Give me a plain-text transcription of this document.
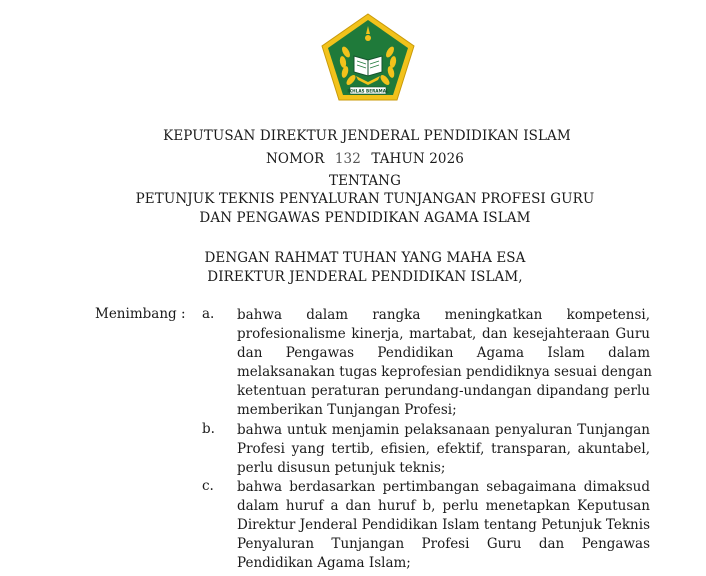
IKHLAS BERAMAL
KEPUTUSAN DIREKTUR JENDERAL PENDIDIKAN ISLAM
NOMOR 132 TAHUN 2026
TENTANG
PETUNJUK TEKNIS PENYALURAN TUNJANGAN PROFESI GURU
DAN PENGAWAS PENDIDIKAN AGAMA ISLAM
DENGAN RAHMAT TUHAN YANG MAHA ESA
DIREKTUR JENDERAL PENDIDIKAN ISLAM,
Menimbang : a. bahwa dalam rangka meningkatkan kompetensi,
profesionalisme kinerja, martabat, dan kesejahteraan Guru
dan Pengawas Pendidikan Agama Islam dalam
melaksanakan tugas keprofesian pendidiknya sesuai dengan
ketentuan peraturan perundang-undangan dipandang perlu
memberikan Tunjangan Profesi;
b. bahwa untuk menjamin pelaksanaan penyaluran Tunjangan
Profesi yang tertib, efisien, efektif, transparan, akuntabel,
perlu disusun petunjuk teknis;
c. bahwa berdasarkan pertimbangan sebagaimana dimaksud
dalam huruf a dan huruf b, perlu menetapkan Keputusan
Direktur Jenderal Pendidikan Islam tentang Petunjuk Teknis
Penyaluran Tunjangan Profesi Guru dan Pengawas
Pendidikan Agama Islam;
